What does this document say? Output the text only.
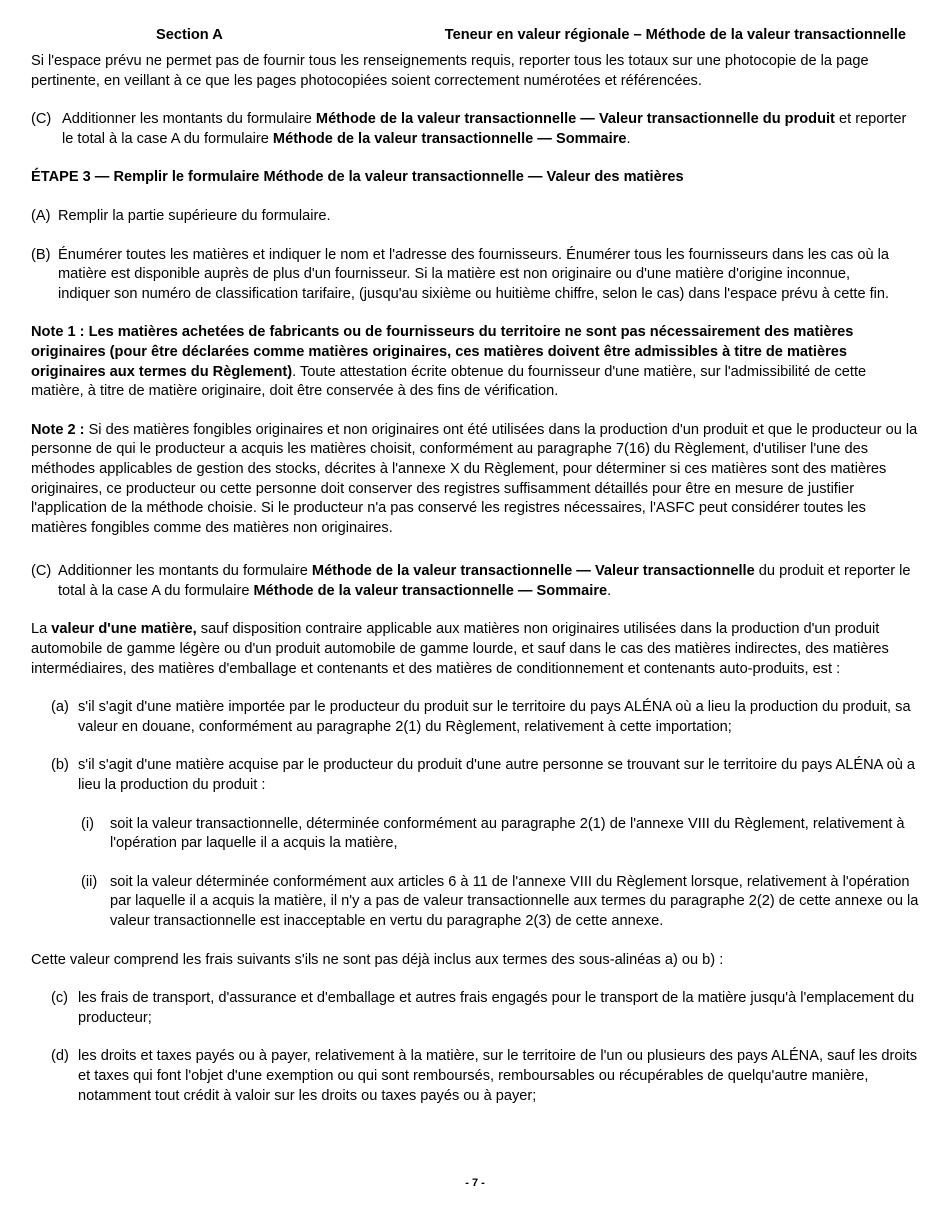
Section A	Teneur en valeur régionale – Méthode de la valeur transactionnelle

Si l'espace prévu ne permet pas de fournir tous les renseignements requis, reporter tous les totaux sur une photocopie de la page pertinente, en veillant à ce que les pages photocopiées soient correctement numérotées et référencées.

(C) Additionner les montants du formulaire Méthode de la valeur transactionnelle — Valeur transactionnelle du produit et reporter le total à la case A du formulaire Méthode de la valeur transactionnelle — Sommaire.

ÉTAPE 3 — Remplir le formulaire Méthode de la valeur transactionnelle — Valeur des matières

(A) Remplir la partie supérieure du formulaire.
(B) Énumérer toutes les matières et indiquer le nom et l'adresse des fournisseurs. Énumérer tous les fournisseurs dans les cas où la matière est disponible auprès de plus d'un fournisseur. Si la matière est non originaire ou d'une matière d'origine inconnue, indiquer son numéro de classification tarifaire, (jusqu'au sixième ou huitième chiffre, selon le cas) dans l'espace prévu à cette fin.

Note 1 : Les matières achetées de fabricants ou de fournisseurs du territoire ne sont pas nécessairement des matières originaires (pour être déclarées comme matières originaires, ces matières doivent être admissibles à titre de matières originaires aux termes du Règlement). Toute attestation écrite obtenue du fournisseur d'une matière, sur l'admissibilité de cette matière, à titre de matière originaire, doit être conservée à des fins de vérification.

Note 2 : Si des matières fongibles originaires et non originaires ont été utilisées dans la production d'un produit et que le producteur ou la personne de qui le producteur a acquis les matières choisit, conformément au paragraphe 7(16) du Règlement, d'utiliser l'une des méthodes applicables de gestion des stocks, décrites à l'annexe X du Règlement, pour déterminer si ces matières sont des matières originaires, ce producteur ou cette personne doit conserver des registres suffisamment détaillés pour être en mesure de justifier l'application de la méthode choisie. Si le producteur n'a pas conservé les registres nécessaires, l'ASFC peut considérer toutes les matières fongibles comme des matières non originaires.

(C) Additionner les montants du formulaire Méthode de la valeur transactionnelle — Valeur transactionnelle du produit et reporter le total à la case A du formulaire Méthode de la valeur transactionnelle — Sommaire.

La valeur d'une matière, sauf disposition contraire applicable aux matières non originaires utilisées dans la production d'un produit automobile de gamme légère ou d'un produit automobile de gamme lourde, et sauf dans le cas des matières indirectes, des matières intermédiaires, des matières d'emballage et contenants et des matières de conditionnement et contenants auto-produits, est :

(a) s'il s'agit d'une matière importée par le producteur du produit sur le territoire du pays ALÉNA où a lieu la production du produit, sa valeur en douane, conformément au paragraphe 2(1) du Règlement, relativement à cette importation;
(b) s'il s'agit d'une matière acquise par le producteur du produit d'une autre personne se trouvant sur le territoire du pays ALÉNA où a lieu la production du produit :
(i)	soit la valeur transactionnelle, déterminée conformément au paragraphe 2(1) de l'annexe VIII du Règlement, relativement à l'opération par laquelle il a acquis la matière,
(ii) soit la valeur déterminée conformément aux articles 6 à 11 de l'annexe VIII du Règlement lorsque, relativement à l'opération par laquelle il a acquis la matière, il n'y a pas de valeur transactionnelle aux termes du paragraphe 2(2) de cette annexe ou la valeur transactionnelle est inacceptable en vertu du paragraphe 2(3) de cette annexe.

Cette valeur comprend les frais suivants s'ils ne sont pas déjà inclus aux termes des sous-alinéas a) ou b) :

(c) les frais de transport, d'assurance et d'emballage et autres frais engagés pour le transport de la matière jusqu'à l'emplacement du producteur;
(d) les droits et taxes payés ou à payer, relativement à la matière, sur le territoire de l'un ou plusieurs des pays ALÉNA, sauf les droits et taxes qui font l'objet d'une exemption ou qui sont remboursés, remboursables ou récupérables de quelqu'autre manière, notamment tout crédit à valoir sur les droits ou taxes payés ou à payer;
- 7 -
